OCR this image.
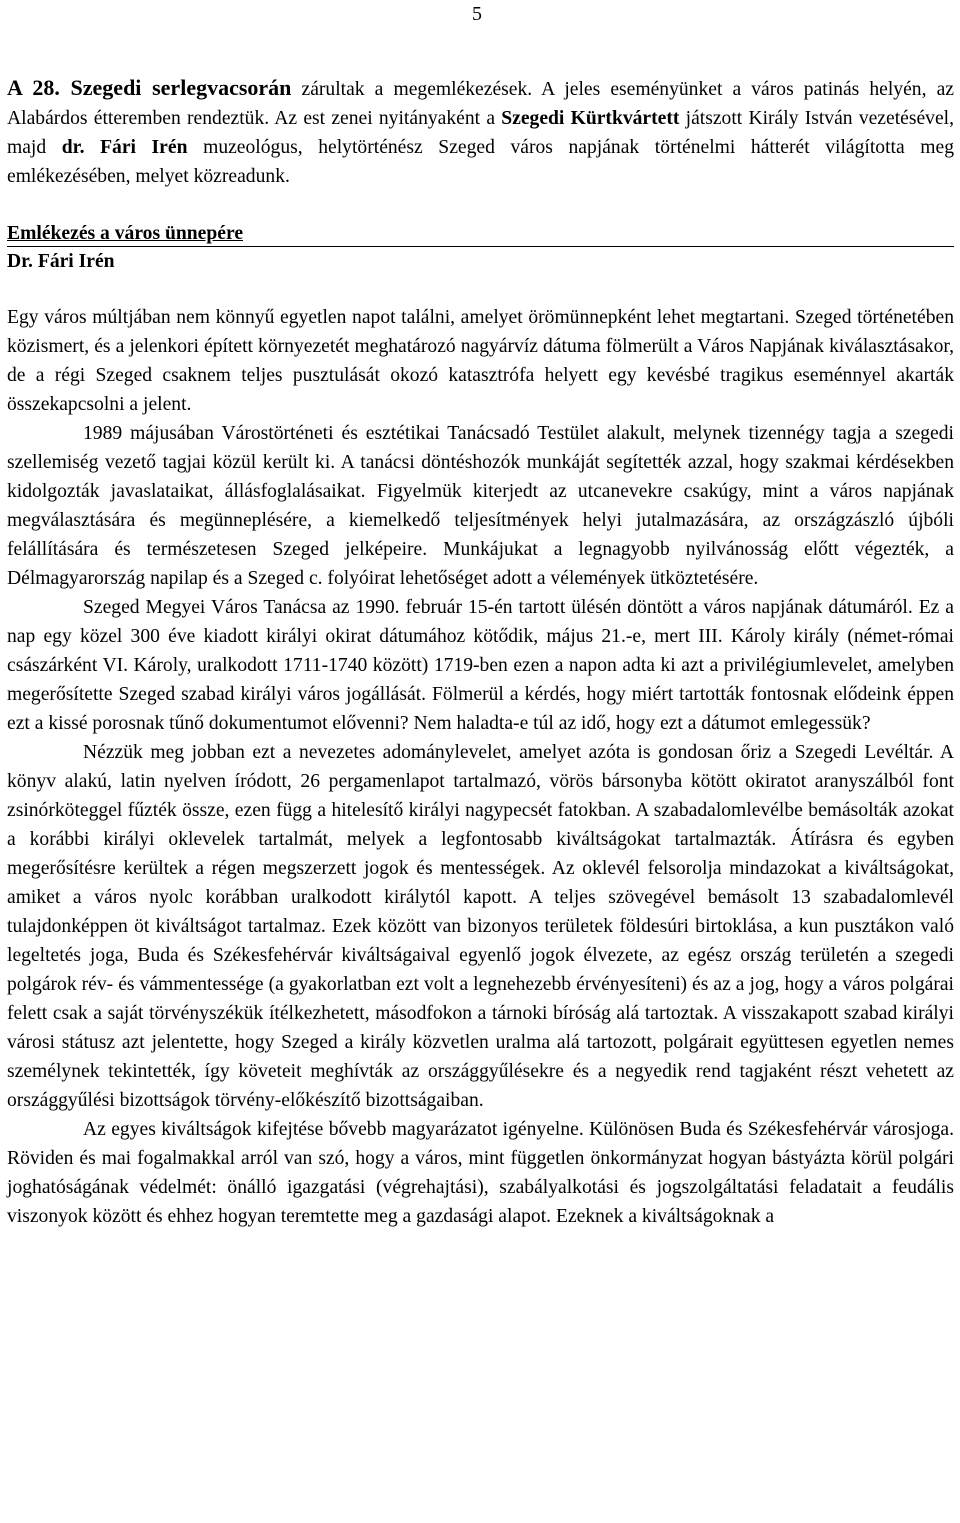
5

A 28. Szegedi serlegvacsorán zárultak a megemlékezések. A jeles eseményünket a város patinás helyén, az Alabárdos étteremben rendeztük. Az est zenei nyitányaként a Szegedi Kürtkvártett játszott Király István vezetésével, majd dr. Fári Irén muzeológus, helytörténész Szeged város napjának történelmi hátterét világította meg emlékezésében, melyet közreadunk.

Emlékezés a város ünnepére
Dr. Fári Irén

Egy város múltjában nem könnyű egyetlen napot találni, amelyet örömünnepként lehet megtartani. Szeged történetében közismert, és a jelenkori épített környezetét meghatározó nagyárvíz dátuma fölmerült a Város Napjának kiválasztásakor, de a régi Szeged csaknem teljes pusztulását okozó katasztrófa helyett egy kevésbé tragikus eseménnyel akarták összekapcsolni a jelent.

1989 májusában Várostörténeti és esztétikai Tanácsadó Testület alakult, melynek tizennégy tagja a szegedi szellemiség vezető tagjai közül került ki. A tanácsi döntéshozók munkáját segítették azzal, hogy szakmai kérdésekben kidolgozták javaslataikat, állásfoglalásaikat. Figyelmük kiterjedt az utcanevekre csakúgy, mint a város napjának megválasztására és megünneplésére, a kiemelkedő teljesítmények helyi jutalmazására, az országzászló újbóli felállítására és természetesen Szeged jelképeire. Munkájukat a legnagyobb nyilvánosság előtt végezték, a Délmagyarország napilap és a Szeged c. folyóirat lehetőséget adott a vélemények ütköztetésére.

Szeged Megyei Város Tanácsa az 1990. február 15-én tartott ülésén döntött a város napjának dátumáról. Ez a nap egy közel 300 éve kiadott királyi okirat dátumához kötődik, május 21.-e, mert III. Károly király (német-római császárként VI. Károly, uralkodott 1711-1740 között) 1719-ben ezen a napon adta ki azt a privilégiumlevelet, amelyben megerősítette Szeged szabad királyi város jogállását. Fölmerül a kérdés, hogy miért tartották fontosnak elődeink éppen ezt a kissé porosnak tűnő dokumentumot elővenni? Nem haladta-e túl az idő, hogy ezt a dátumot emlegessük?

Nézzük meg jobban ezt a nevezetes adománylevelet, amelyet azóta is gondosan őriz a Szegedi Levéltár. A könyv alakú, latin nyelven íródott, 26 pergamenlapot tartalmazó, vörös bársonyba kötött okiratot aranyszálból font zsinórköteggel fűzték össze, ezen függ a hitelesítő királyi nagypecsét fatokban. A szabadalomlevélbe bemásolták azokat a korábbi királyi oklevelek tartalmát, melyek a legfontosabb kiváltságokat tartalmazták. Átírásra és egyben megerősítésre kerültek a régen megszerzett jogok és mentességek. Az oklevél felsorolja mindazokat a kiváltságokat, amiket a város nyolc korábban uralkodott királytól kapott. A teljes szövegével bemásolt 13 szabadalomlevél tulajdonképpen öt kiváltságot tartalmaz. Ezek között van bizonyos területek földesúri birtoklása, a kun pusztákon való legeltetés joga, Buda és Székesfehérvár kiváltságaival egyenlő jogok élvezete, az egész ország területén a szegedi polgárok rév- és vámmentessége (a gyakorlatban ezt volt a legnehezebb érvényesíteni) és az a jog, hogy a város polgárai felett csak a saját törvényszékük ítélkezhetett, másodfokon a tárnoki bíróság alá tartoztak. A visszakapott szabad királyi városi státusz azt jelentette, hogy Szeged a király közvetlen uralma alá tartozott, polgárait együttesen egyetlen nemes személynek tekintették, így követeit meghívták az országgyűlésekre és a negyedik rend tagjaként részt vehetett az országgyűlési bizottságok törvény-előkészítő bizottságaiban.

Az egyes kiváltságok kifejtése bővebb magyarázatot igényelne. Különösen Buda és Székesfehérvár városjoga. Röviden és mai fogalmakkal arról van szó, hogy a város, mint független önkormányzat hogyan bástyázta körül polgári joghatóságának védelmét: önálló igazgatási (végrehajtási), szabályalkotási és jogszolgáltatási feladatait a feudális viszonyok között és ehhez hogyan teremtette meg a gazdasági alapot. Ezeknek a kiváltságoknak a
